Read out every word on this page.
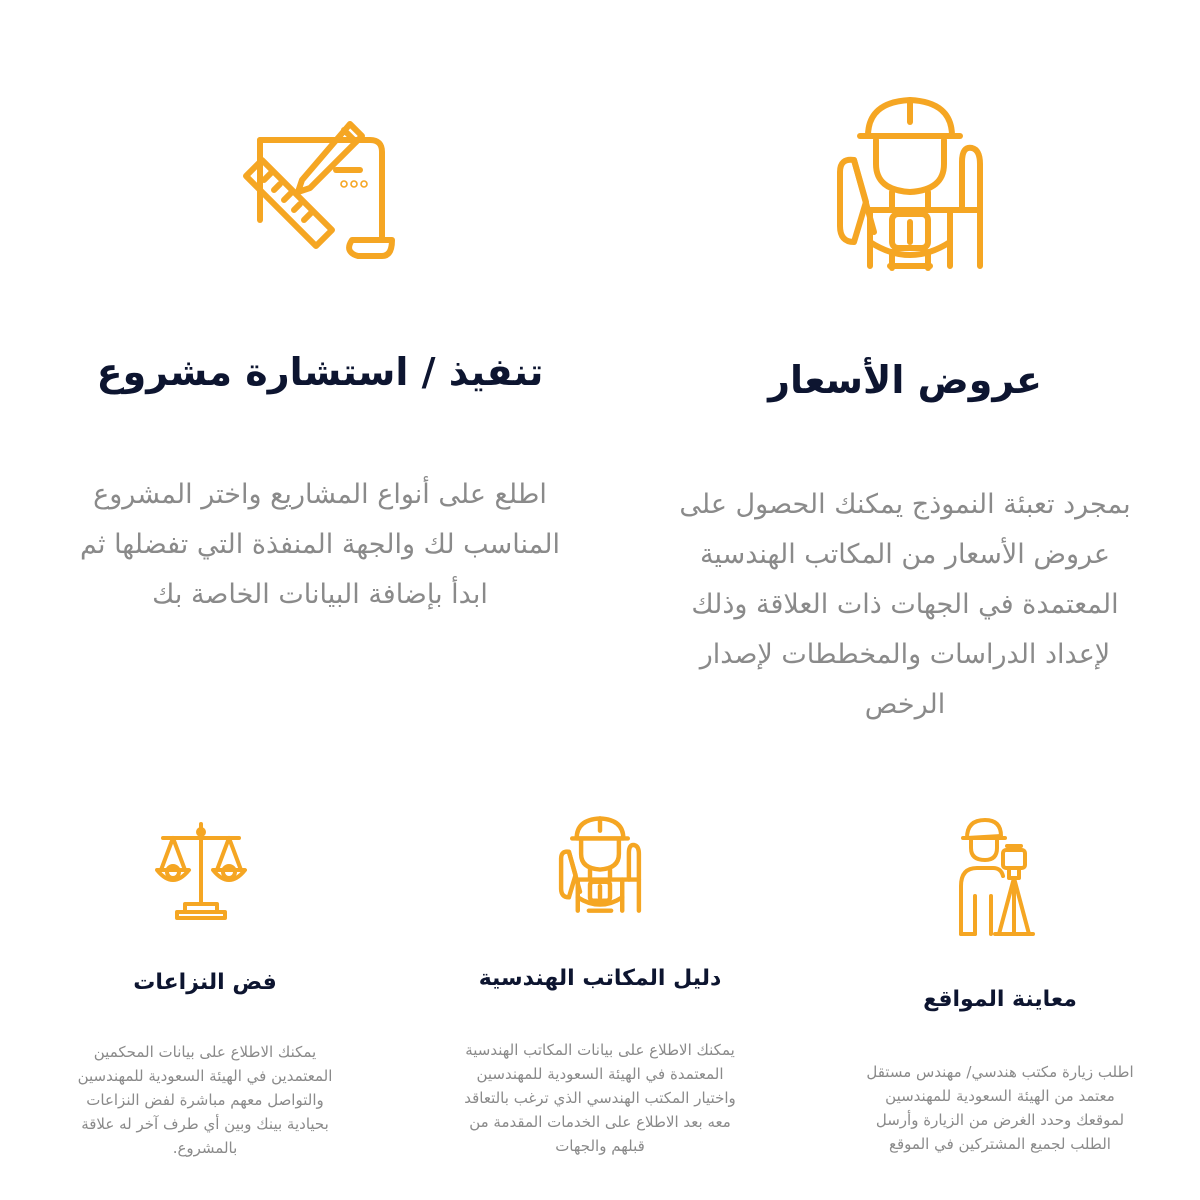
عروض الأسعار

بمجرد تعبئة النموذج يمكنك الحصول على عروض الأسعار من المكاتب الهندسية المعتمدة في الجهات ذات العلاقة وذلك لإعداد الدراسات والمخططات لإصدار الرخص

تنفيذ / استشارة مشروع

اطلع على أنواع المشاريع واختر المشروع المناسب لك والجهة المنفذة التي تفضلها ثم ابدأ بإضافة البيانات الخاصة بك

معاينة المواقع

اطلب زيارة مكتب هندسي/ مهندس مستقل معتمد من الهيئة السعودية للمهندسين لموقعك وحدد الغرض من الزيارة وأرسل الطلب لجميع المشتركين في الموقع

دليل المكاتب الهندسية

يمكنك الاطلاع على بيانات المكاتب الهندسية المعتمدة في الهيئة السعودية للمهندسين واختيار المكتب الهندسي الذي ترغب بالتعاقد معه بعد الاطلاع على الخدمات المقدمة من قبلهم والجهات

فض النزاعات

يمكنك الاطلاع على بيانات المحكمين المعتمدين في الهيئة السعودية للمهندسين والتواصل معهم مباشرة لفض النزاعات بحيادية بينك وبين أي طرف آخر له علاقة بالمشروع.
